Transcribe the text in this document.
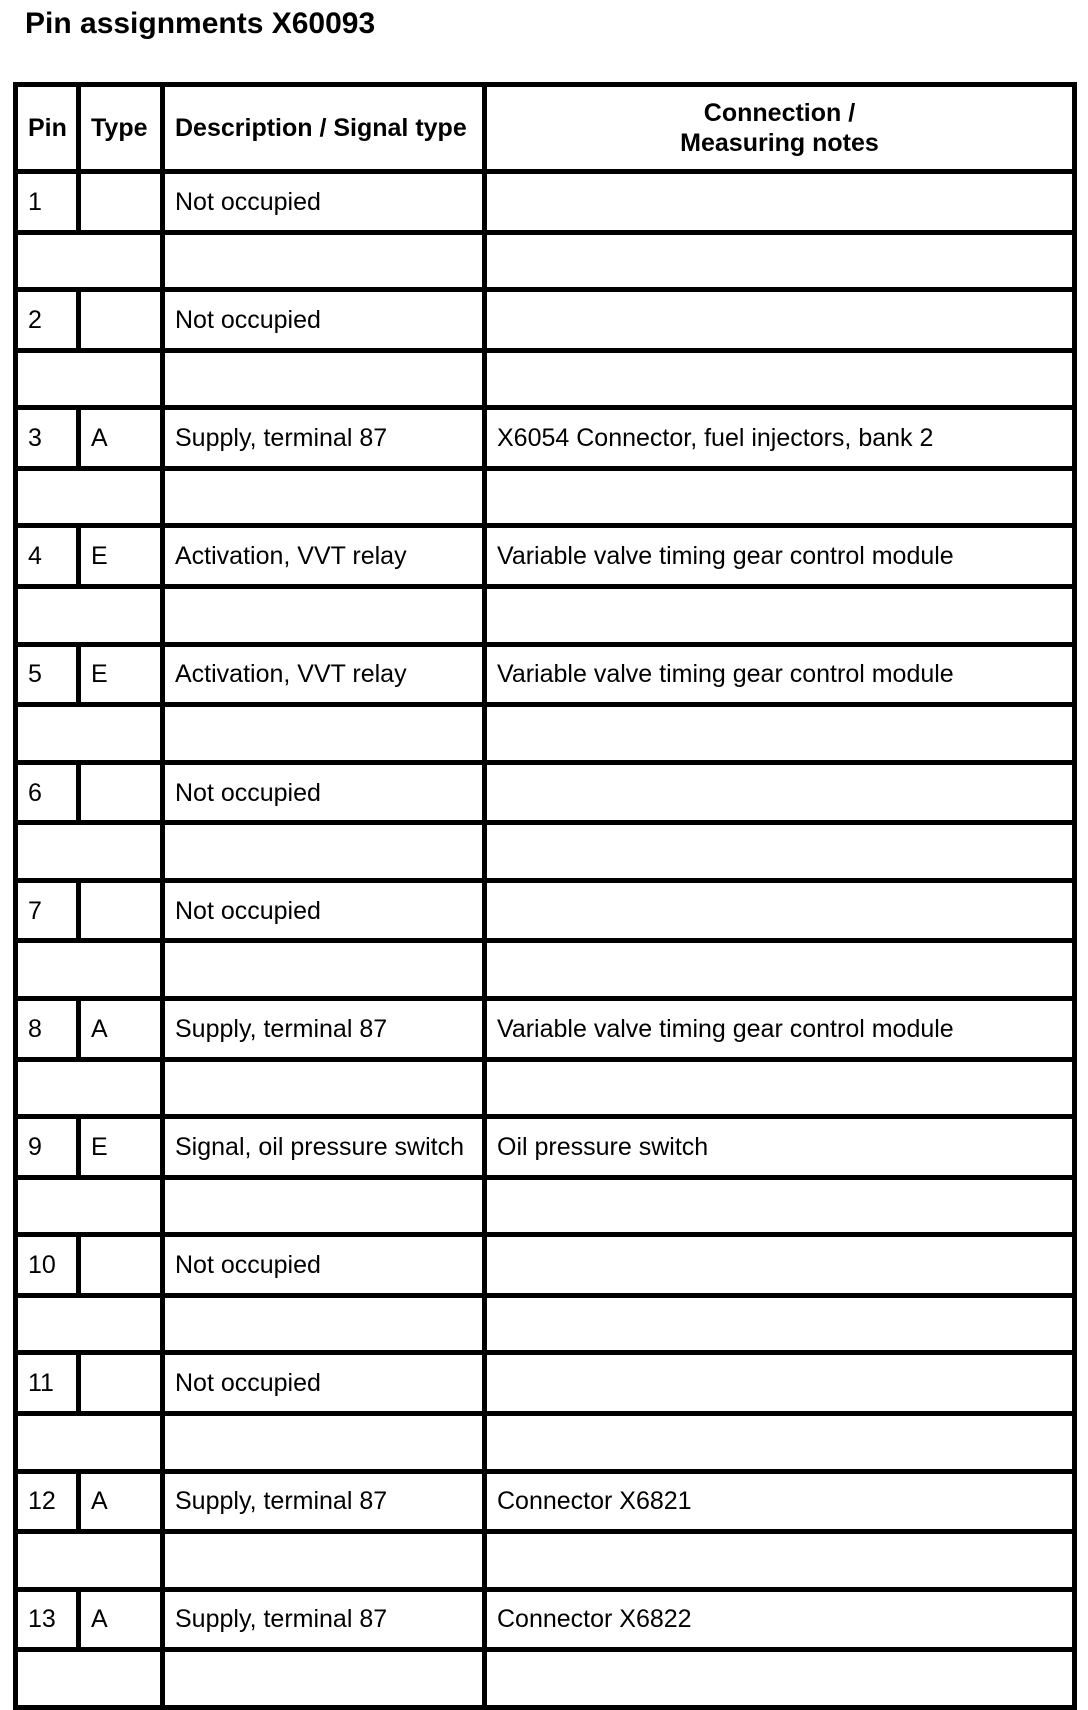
Pin assignments X60093
Pin	Type	Description / Signal type	Connection /
Measuring notes

1		Not occupied	

2		Not occupied	

3	A	Supply, terminal 87	X6054 Connector, fuel injectors, bank 2

4	E	Activation, VVT relay	Variable valve timing gear control module

5	E	Activation, VVT relay	Variable valve timing gear control module

6		Not occupied	

7		Not occupied	

8	A	Supply, terminal 87	Variable valve timing gear control module

9	E	Signal, oil pressure switch	Oil pressure switch

10		Not occupied	

11		Not occupied	

12	A	Supply, terminal 87	Connector X6821

13	A	Supply, terminal 87	Connector X6822
